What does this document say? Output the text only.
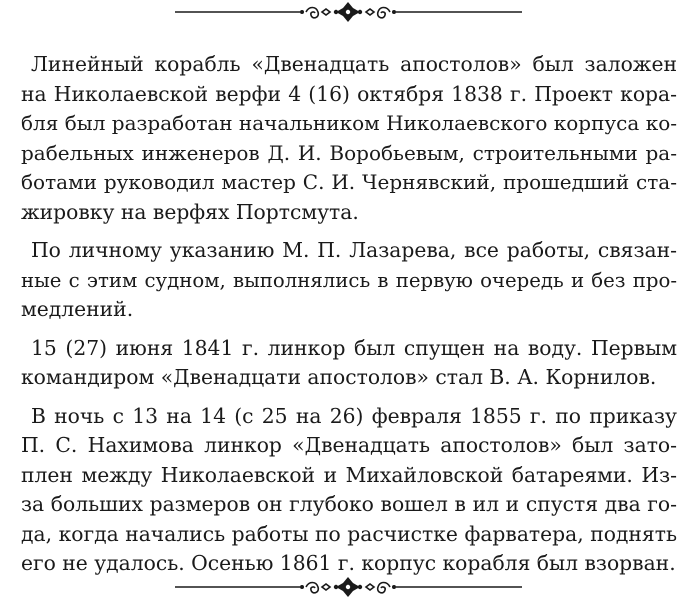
Линейный корабль «Двенадцать апостолов» был заложен
на Николаевской верфи 4 (16) октября 1838 г. Проект кора-
бля был разработан начальником Николаевского корпуса ко-
рабельных инженеров Д. И. Воробьевым, строительными ра-
ботами руководил мастер С. И. Чернявский, прошедший ста-
жировку на верфях Портсмута.

По личному указанию М. П. Лазарева, все работы, связан-
ные с этим судном, выполнялись в первую очередь и без про-
медлений.

15 (27) июня 1841 г. линкор был спущен на воду. Первым
командиром «Двенадцати апостолов» стал В. А. Корнилов.

В ночь с 13 на 14 (с 25 на 26) февраля 1855 г. по приказу
П. С. Нахимова линкор «Двенадцать апостолов» был зато-
плен между Николаевской и Михайловской батареями. Из-
за больших размеров он глубоко вошел в ил и спустя два го-
да, когда начались работы по расчистке фарватера, поднять
его не удалось. Осенью 1861 г. корпус корабля был взорван.
